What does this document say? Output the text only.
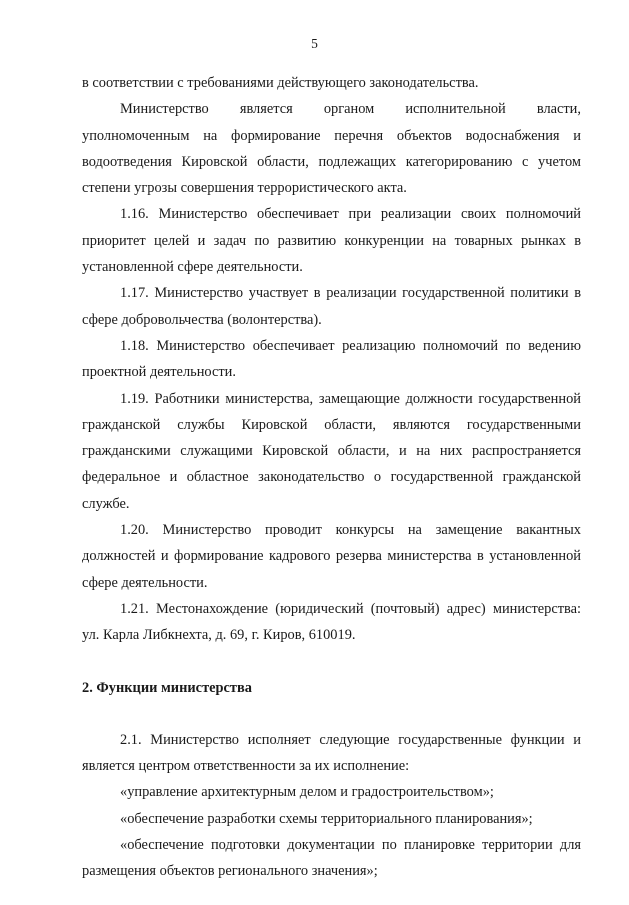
5

в соответствии с требованиями действующего законодательства.

Министерство является органом исполнительной власти, уполномоченным на формирование перечня объектов водоснабжения и водоотведения Кировской области, подлежащих категорированию с учетом степени угрозы совершения террористического акта.

1.16. Министерство обеспечивает при реализации своих полномочий приоритет целей и задач по развитию конкуренции на товарных рынках в установленной сфере деятельности.

1.17. Министерство участвует в реализации государственной политики в сфере добровольчества (волонтерства).

1.18. Министерство обеспечивает реализацию полномочий по ведению проектной деятельности.

1.19. Работники министерства, замещающие должности государственной гражданской службы Кировской области, являются государственными гражданскими служащими Кировской области, и на них распространяется федеральное и областное законодательство о государственной гражданской службе.

1.20. Министерство проводит конкурсы на замещение вакантных должностей и формирование кадрового резерва министерства в установленной сфере деятельности.

1.21. Местонахождение (юридический (почтовый) адрес) министерства: ул. Карла Либкнехта, д. 69, г. Киров, 610019.

2. Функции министерства

2.1. Министерство исполняет следующие государственные функции и является центром ответственности за их исполнение:

«управление архитектурным делом и градостроительством»;

«обеспечение разработки схемы территориального планирования»;

«обеспечение подготовки документации по планировке территории для размещения объектов регионального значения»;
